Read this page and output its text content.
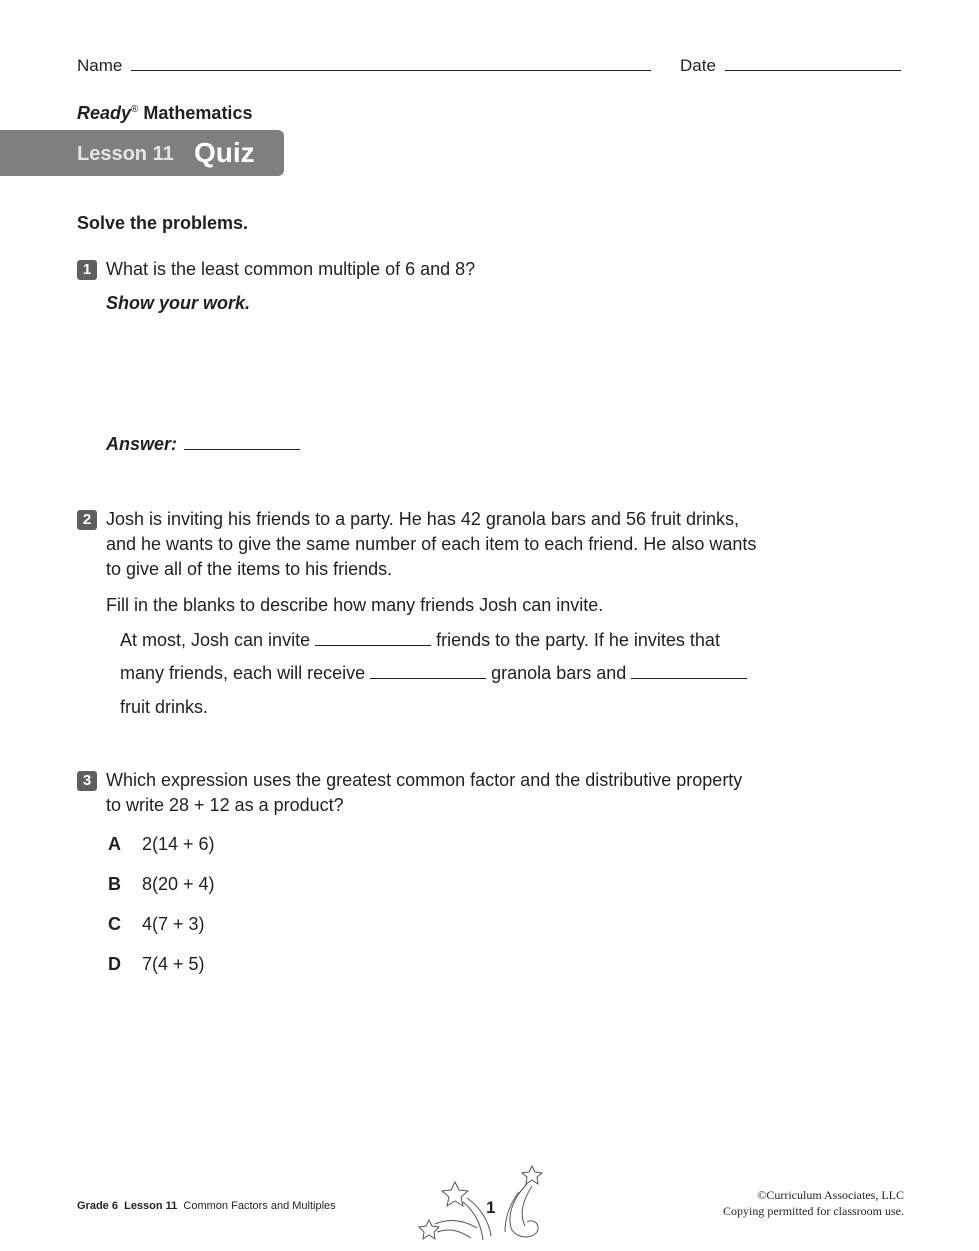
Name	Date
Ready® Mathematics
Lesson 11 Quiz
Solve the problems.
1 What is the least common multiple of 6 and 8?
Show your work.
Answer:
2 Josh is inviting his friends to a party. He has 42 granola bars and 56 fruit drinks,
and he wants to give the same number of each item to each friend. He also wants
to give all of the items to his friends.
Fill in the blanks to describe how many friends Josh can invite.
At most, Josh can invite	friends to the party. If he invites that
many friends, each will receive	granola bars and
fruit drinks.
3 Which expression uses the greatest common factor and the distributive property
to write 28 + 12 as a product?
A 2(14 + 6)
B 8(20 + 4)
C 4(7 + 3)
D 7(4 + 5)
Grade 6 Lesson 11 Common Factors and Multiples	1
©Curriculum Associates, LLC
Copying permitted for classroom use.
